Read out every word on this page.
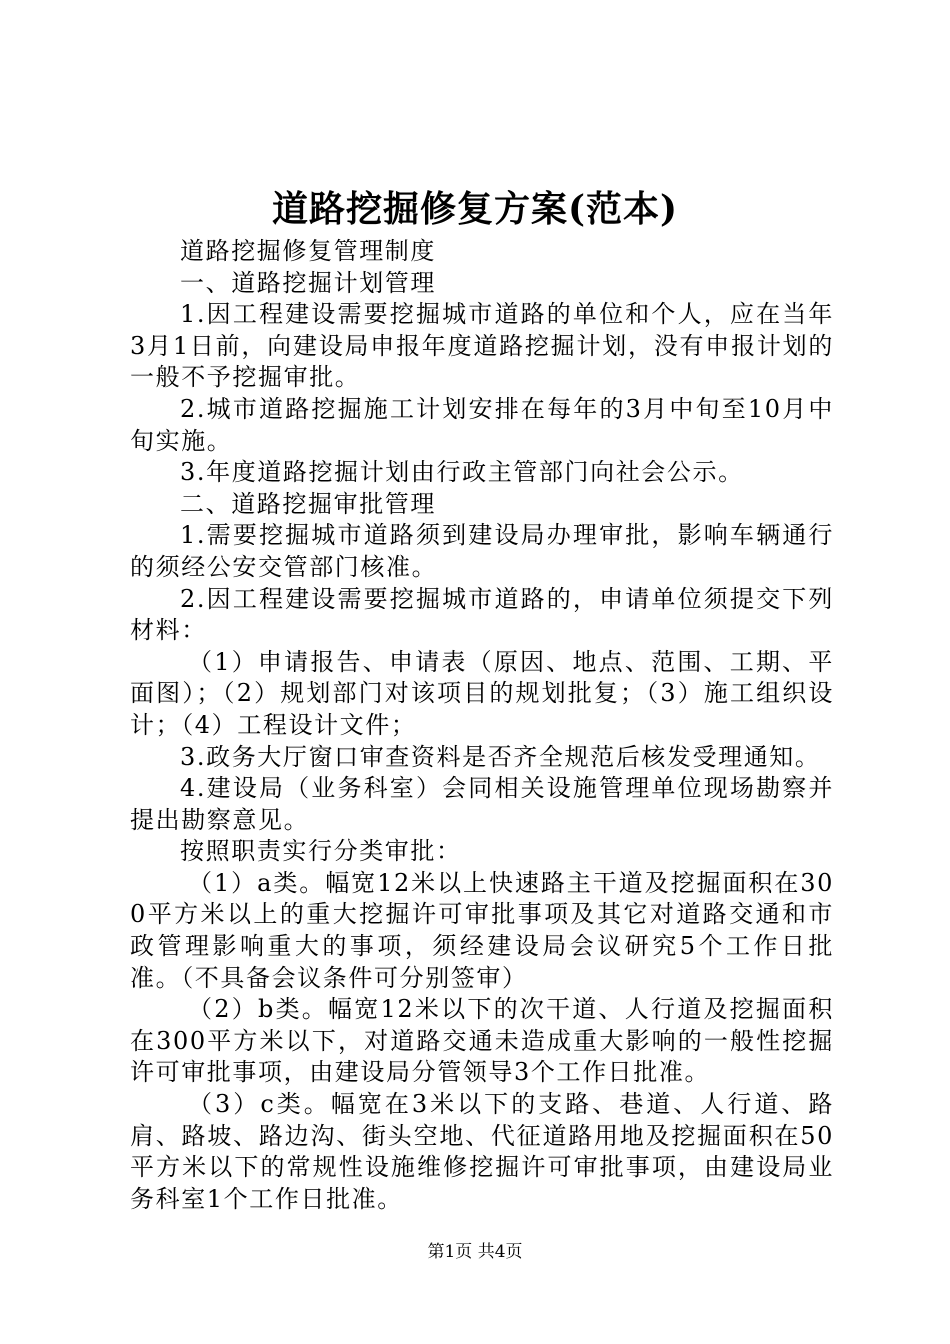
道路挖掘修复方案(范本)

道路挖掘修复管理制度

一、道路挖掘计划管理

1.因工程建设需要挖掘城市道路的单位和个人，应在当年3月1日前，向建设局申报年度道路挖掘计划，没有申报计划的一般不予挖掘审批。

2.城市道路挖掘施工计划安排在每年的3月中旬至10月中旬实施。

3.年度道路挖掘计划由行政主管部门向社会公示。

二、道路挖掘审批管理

1.需要挖掘城市道路须到建设局办理审批，影响车辆通行的须经公安交管部门核准。

2.因工程建设需要挖掘城市道路的，申请单位须提交下列材料：

（1）申请报告、申请表（原因、地点、范围、工期、平面图）；（2）规划部门对该项目的规划批复；（3）施工组织设计；（4）工程设计文件；

3.政务大厅窗口审查资料是否齐全规范后核发受理通知。

4.建设局（业务科室）会同相关设施管理单位现场勘察并提出勘察意见。

按照职责实行分类审批：

（1）a类。幅宽12米以上快速路主干道及挖掘面积在300平方米以上的重大挖掘许可审批事项及其它对道路交通和市政管理影响重大的事项，须经建设局会议研究5个工作日批准。（不具备会议条件可分别签审）

（2）b类。幅宽12米以下的次干道、人行道及挖掘面积在300平方米以下，对道路交通未造成重大影响的一般性挖掘许可审批事项，由建设局分管领导3个工作日批准。

（3）c类。幅宽在3米以下的支路、巷道、人行道、路肩、路坡、路边沟、街头空地、代征道路用地及挖掘面积在50平方米以下的常规性设施维修挖掘许可审批事项，由建设局业务科室1个工作日批准。

第1页 共4页
